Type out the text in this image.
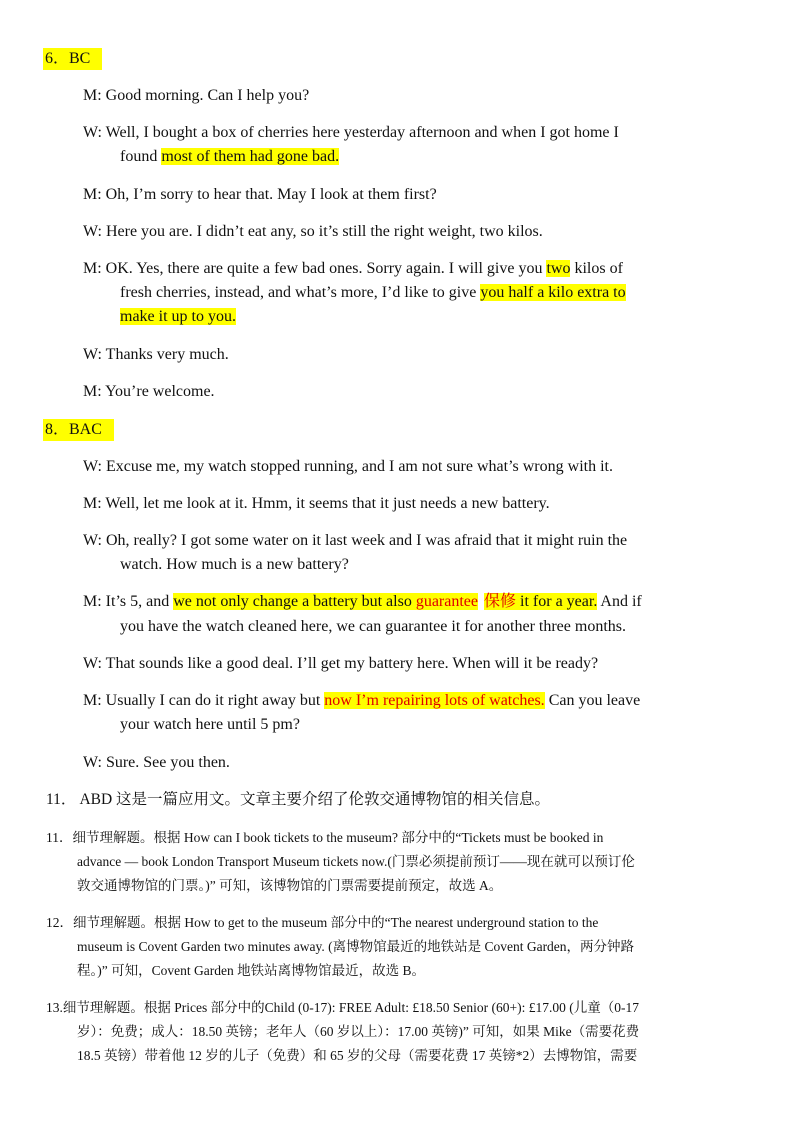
6．BC
M: Good morning. Can I help you?
W: Well, I bought a box of cherries here yesterday afternoon and when I got home I
found most of them had gone bad.
M: Oh, I’m sorry to hear that. May I look at them first?
W: Here you are. I didn’t eat any, so it’s still the right weight, two kilos.
M: OK. Yes, there are quite a few bad ones. Sorry again. I will give you two kilos of
fresh cherries, instead, and what’s more, I’d like to give you half a kilo extra to
make it up to you.
W: Thanks very much.
M: You’re welcome.
8．BAC
W: Excuse me, my watch stopped running, and I am not sure what’s wrong with it.
M: Well, let me look at it. Hmm, it seems that it just needs a new battery.
W: Oh, really? I got some water on it last week and I was afraid that it might ruin the
watch. How much is a new battery?
M: It’s 5, and we not only change a battery but also guarantee 保修 it for a year. And if
you have the watch cleaned here, we can guarantee it for another three months.
W: That sounds like a good deal. I’ll get my battery here. When will it be ready?
M: Usually I can do it right away but now I’m repairing lots of watches. Can you leave
your watch here until 5 pm?
W: Sure. See you then.
11． ABD 这是一篇应用文。文章主要介绍了伦敦交通博物馆的相关信息。
11．细节理解题。根据 How can I book tickets to the museum? 部分中的“Tickets must be booked in
advance — book London Transport Museum tickets now.(门票必须提前预订——现在就可以预订伦
敦交通博物馆的门票。)” 可知，该博物馆的门票需要提前预定，故选 A。
12．细节理解题。根据 How to get to the museum 部分中的“The nearest underground station to the
museum is Covent Garden two minutes away. (离博物馆最近的地铁站是 Covent Garden，两分钟路
程。)” 可知，Covent Garden 地铁站离博物馆最近，故选 B。
13.细节理解题。根据 Prices 部分中的Child (0-17): FREE Adult: £18.50 Senior (60+): £17.00 (儿童（0-17
岁）：免费；成人：18.50 英镑；老年人（60 岁以上）：17.00 英镑)” 可知，如果 Mike（需要花费
18.5 英镑）带着他 12 岁的儿子（免费）和 65 岁的父母（需要花费 17 英镑*2）去博物馆，需要
